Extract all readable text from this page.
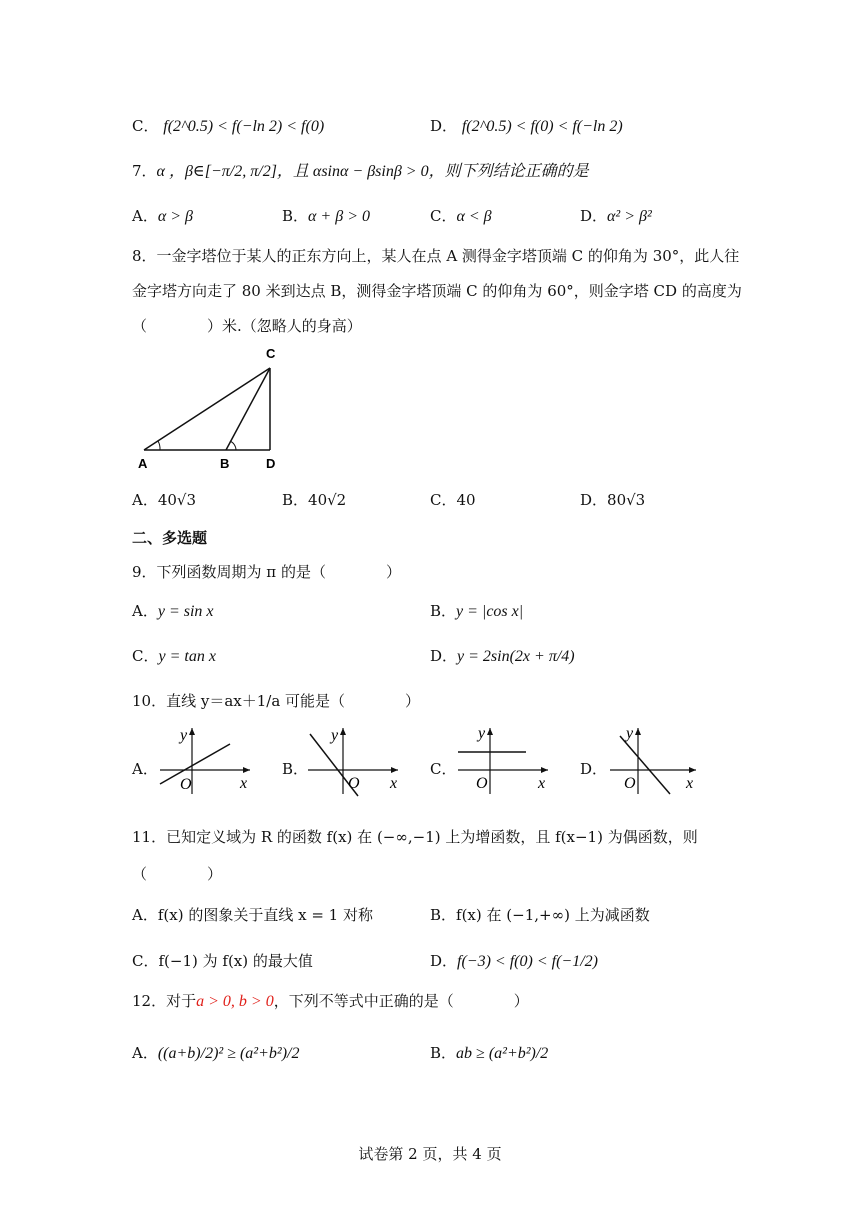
C． f(2^0.5) < f(−ln 2) < f(0)	D． f(2^0.5) < f(0) < f(−ln 2)
7．α ，β∈[−π/2, π/2]，且 αsinα − βsinβ > 0，则下列结论正确的是
A．α > β	B．α + β > 0	C．α < β	D．α² > β²
8．一金字塔位于某人的正东方向上，某人在点 A 测得金字塔顶端 C 的仰角为 30°，此人往
金字塔方向走了 80 米到达点 B，测得金字塔顶端 C 的仰角为 60°，则金字塔 CD 的高度为
（　　　　）米.（忽略人的身高）
C
A	B	D
A．40√3	B．40√2	C．40	D．80√3
二、多选题
9．下列函数周期为 π 的是（　　　　）
A．y = sin x	B．y = |cos x|
C．y = tan x	D．y = 2sin(2x + π/4)
10．直线 y＝ax＋1/a 可能是（　　　　）
A．
y
x
O
B．
y
x
O
C．
y
x
O
D．
y
x
O
11．已知定义域为 R 的函数 f(x) 在 (−∞,−1) 上为增函数，且 f(x−1) 为偶函数，则
（　　　　）
A．f(x) 的图象关于直线 x = 1 对称	B．f(x) 在 (−1,+∞) 上为减函数
C．f(−1) 为 f(x) 的最大值	D．f(−3) < f(0) < f(−1/2)
12．对于a > 0, b > 0，下列不等式中正确的是（　　　　）
A．((a+b)/2)² ≥ (a²+b²)/2	B．ab ≥ (a²+b²)/2
试卷第 2 页，共 4 页
